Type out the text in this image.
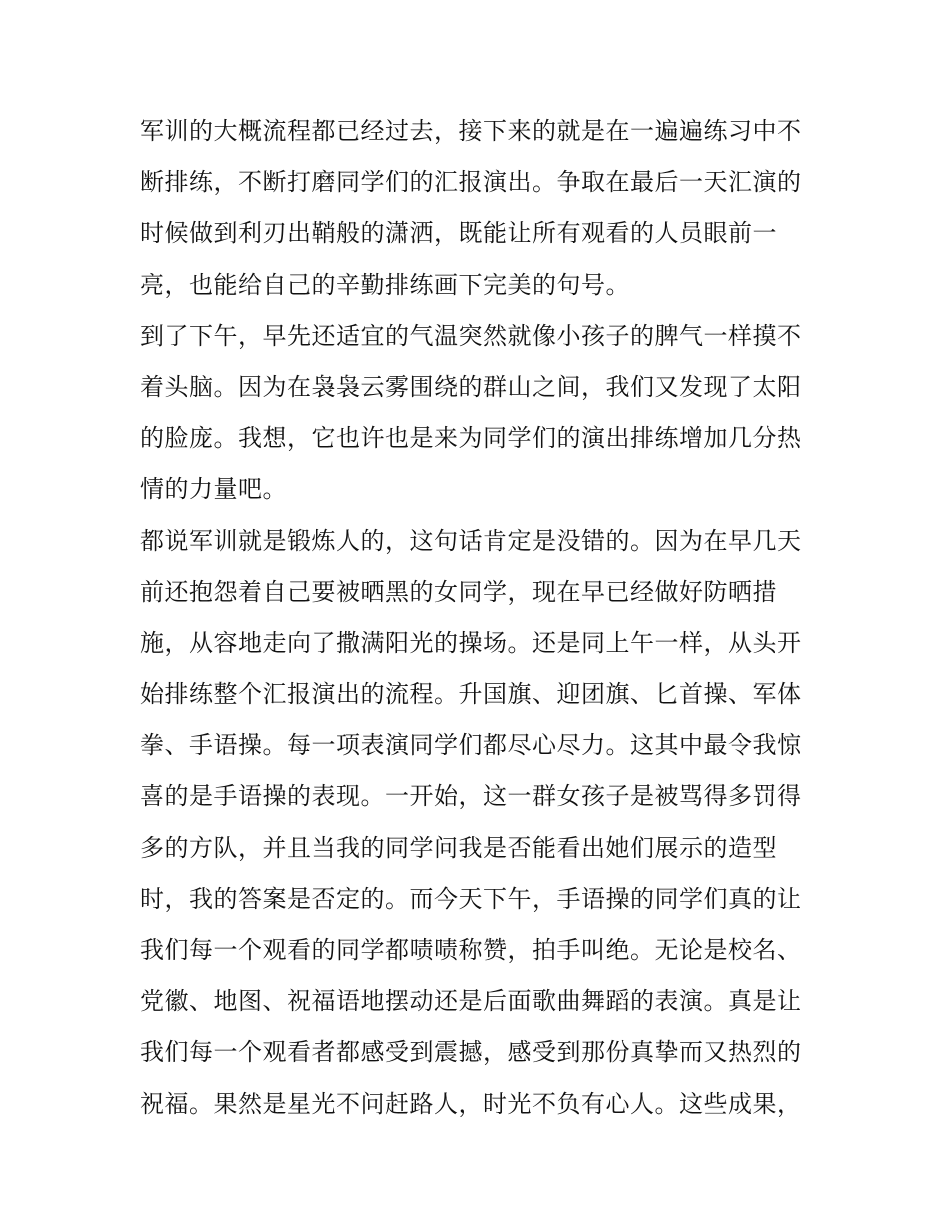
军训的大概流程都已经过去，接下来的就是在一遍遍练习中不
断排练，不断打磨同学们的汇报演出。争取在最后一天汇演的
时候做到利刃出鞘般的潇洒，既能让所有观看的人员眼前一
亮，也能给自己的辛勤排练画下完美的句号。
到了下午，早先还适宜的气温突然就像小孩子的脾气一样摸不
着头脑。因为在袅袅云雾围绕的群山之间，我们又发现了太阳
的脸庞。我想，它也许也是来为同学们的演出排练增加几分热
情的力量吧。
都说军训就是锻炼人的，这句话肯定是没错的。因为在早几天
前还抱怨着自己要被晒黑的女同学，现在早已经做好防晒措
施，从容地走向了撒满阳光的操场。还是同上午一样，从头开
始排练整个汇报演出的流程。升国旗、迎团旗、匕首操、军体
拳、手语操。每一项表演同学们都尽心尽力。这其中最令我惊
喜的是手语操的表现。一开始，这一群女孩子是被骂得多罚得
多的方队，并且当我的同学问我是否能看出她们展示的造型
时，我的答案是否定的。而今天下午，手语操的同学们真的让
我们每一个观看的同学都啧啧称赞，拍手叫绝。无论是校名、
党徽、地图、祝福语地摆动还是后面歌曲舞蹈的表演。真是让
我们每一个观看者都感受到震撼，感受到那份真挚而又热烈的
祝福。果然是星光不问赶路人，时光不负有心人。这些成果，
